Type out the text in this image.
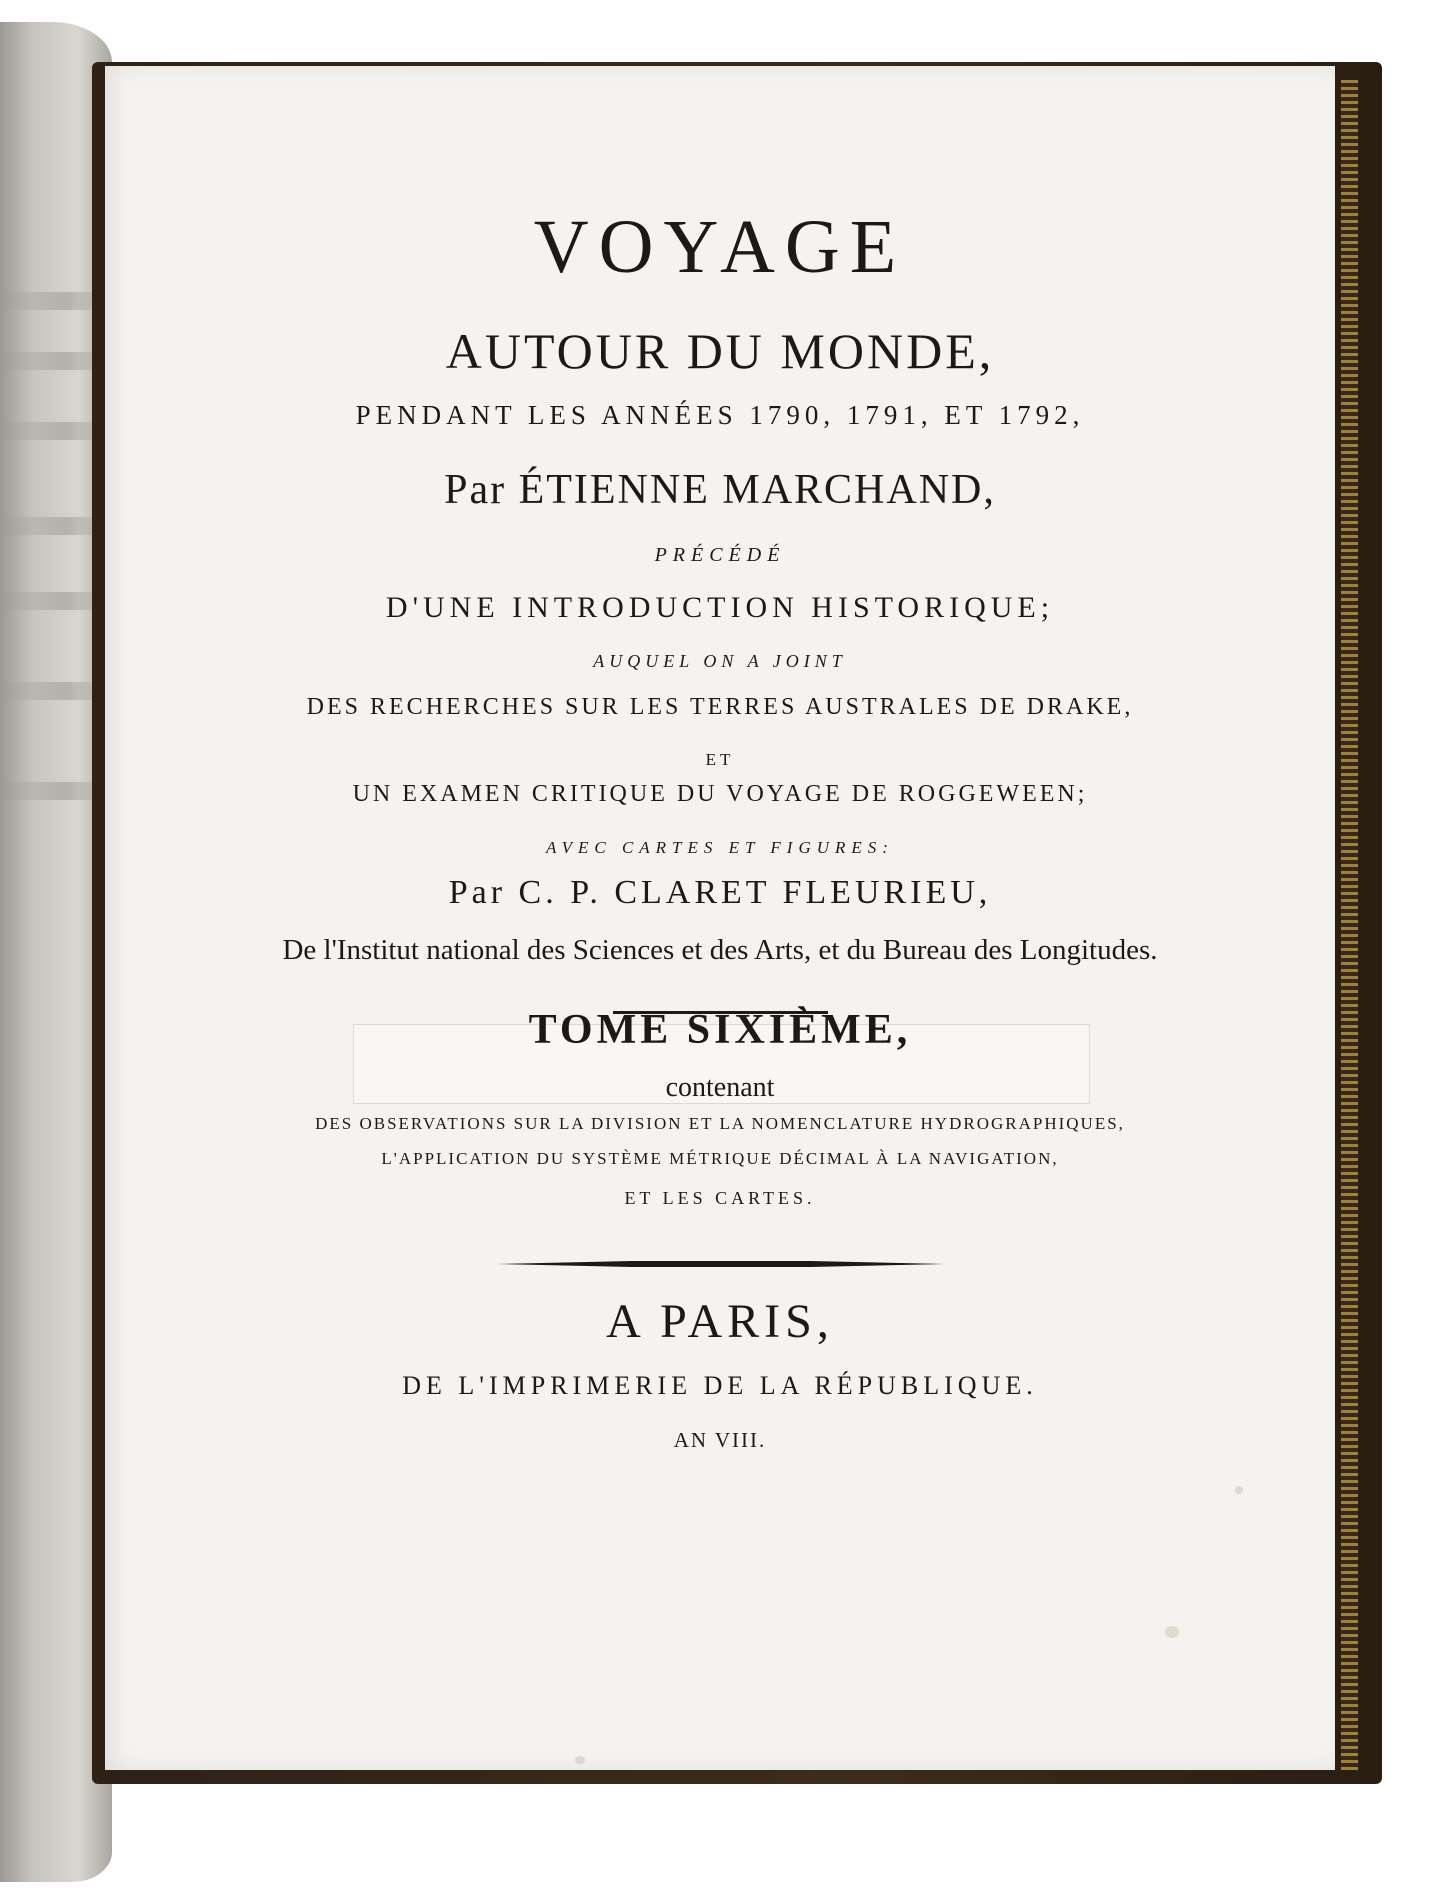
VOYAGE

AUTOUR DU MONDE,

PENDANT LES ANNÉES 1790, 1791, ET 1792,

Par ÉTIENNE MARCHAND,

PRÉCÉDÉ

D'UNE INTRODUCTION HISTORIQUE;

AUQUEL ON A JOINT

DES RECHERCHES SUR LES TERRES AUSTRALES DE DRAKE,

ET

UN EXAMEN CRITIQUE DU VOYAGE DE ROGGEWEEN;

AVEC CARTES ET FIGURES:

Par C. P. CLARET FLEURIEU,

De l'Institut national des Sciences et des Arts, et du Bureau des Longitudes.

TOME SIXIÈME,

contenant

DES OBSERVATIONS SUR LA DIVISION ET LA NOMENCLATURE HYDROGRAPHIQUES,

L'APPLICATION DU SYSTÈME MÉTRIQUE DÉCIMAL À LA NAVIGATION,

ET LES CARTES.

A PARIS,

DE L'IMPRIMERIE DE LA RÉPUBLIQUE.

AN VIII.
